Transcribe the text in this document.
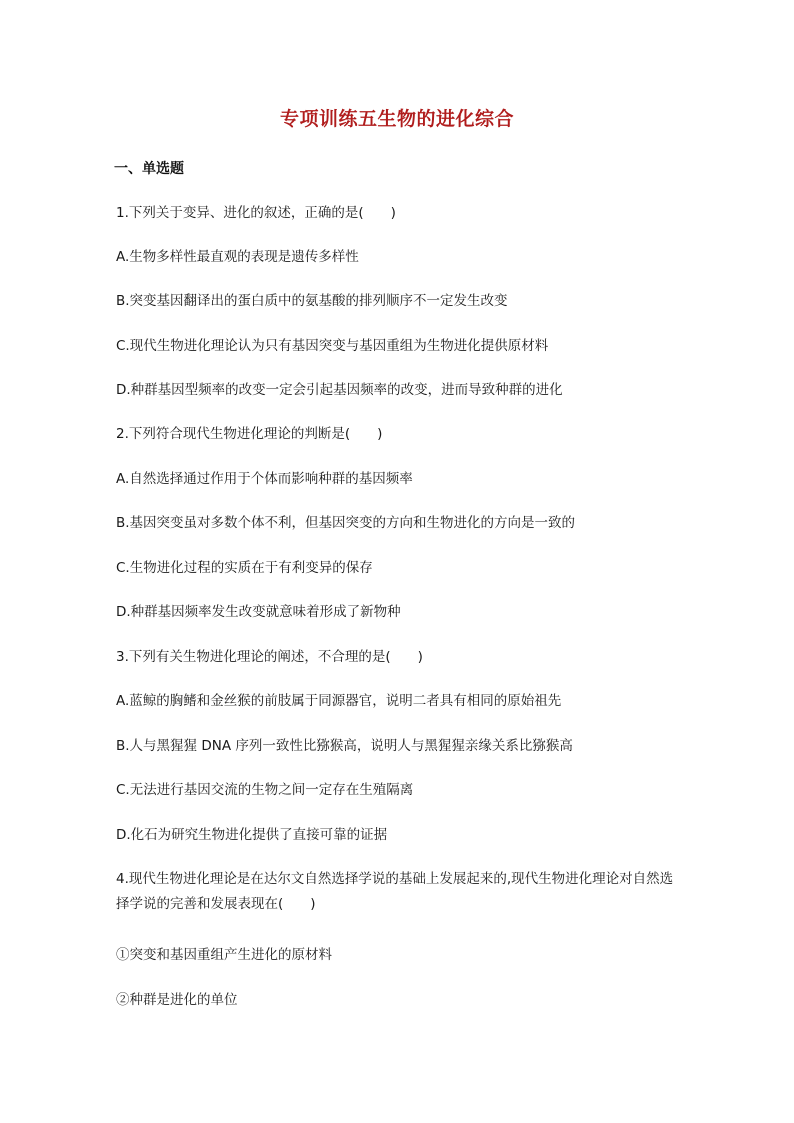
专项训练五生物的进化综合
一、单选题
1.下列关于变异、进化的叙述，正确的是(　　)
A.生物多样性最直观的表现是遗传多样性
B.突变基因翻译出的蛋白质中的氨基酸的排列顺序不一定发生改变
C.现代生物进化理论认为只有基因突变与基因重组为生物进化提供原材料
D.种群基因型频率的改变一定会引起基因频率的改变，进而导致种群的进化
2.下列符合现代生物进化理论的判断是(　　)
A.自然选择通过作用于个体而影响种群的基因频率
B.基因突变虽对多数个体不利，但基因突变的方向和生物进化的方向是一致的
C.生物进化过程的实质在于有利变异的保存
D.种群基因频率发生改变就意味着形成了新物种
3.下列有关生物进化理论的阐述，不合理的是(　　)
A.蓝鲸的胸鳍和金丝猴的前肢属于同源器官，说明二者具有相同的原始祖先
B.人与黑猩猩 DNA 序列一致性比猕猴高，说明人与黑猩猩亲缘关系比猕猴高
C.无法进行基因交流的生物之间一定存在生殖隔离
D.化石为研究生物进化提供了直接可靠的证据
4.现代生物进化理论是在达尔文自然选择学说的基础上发展起来的,现代生物进化理论对自然选择学说的完善和发展表现在(　　)
①突变和基因重组产生进化的原材料
②种群是进化的单位
